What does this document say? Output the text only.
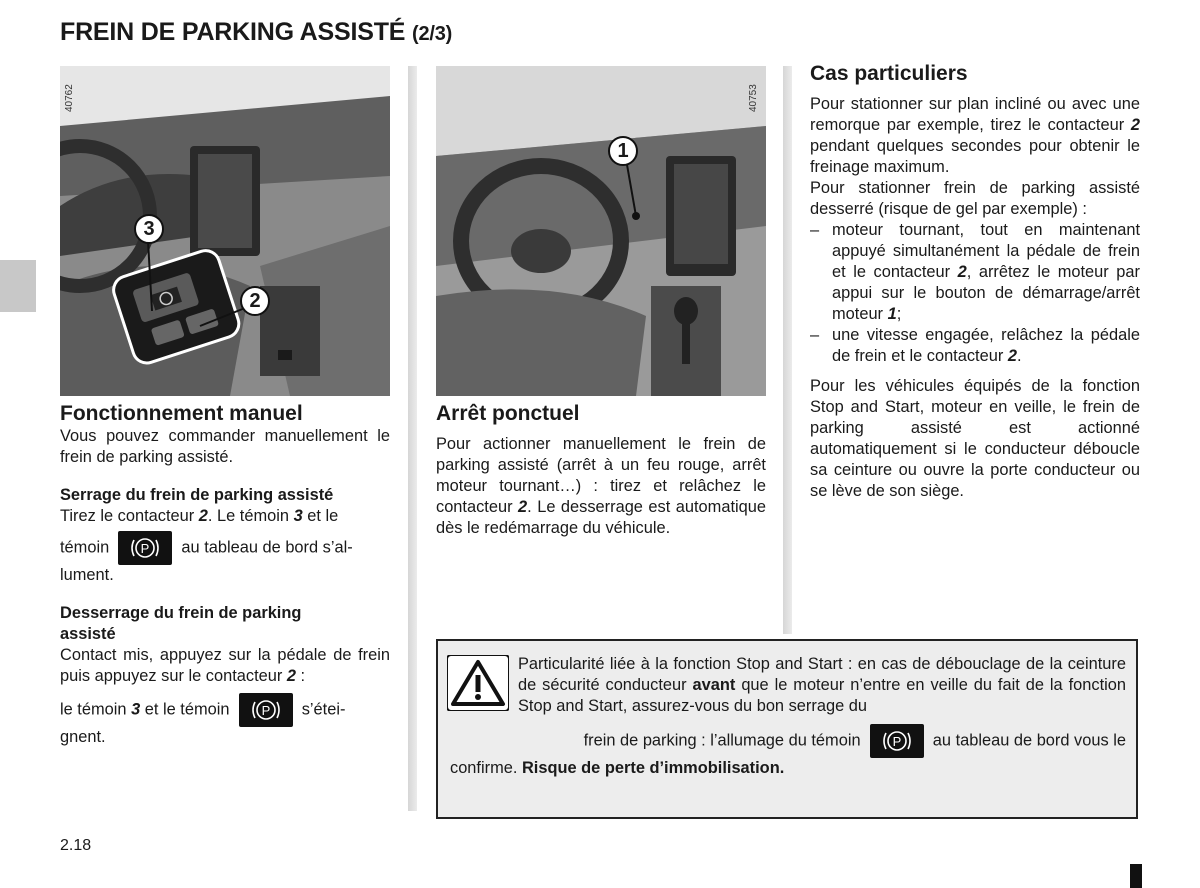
FREIN DE PARKING ASSISTÉ (2/3)
40762
3
2
40753
1
Fonctionnement manuel

Vous pouvez commander manuellement le frein de parking assisté.

Serrage du frein de parking assisté

Tirez le contacteur 2. Le témoin 3 et le

témoin P au tableau de bord s’al-

lument.

Desserrage du frein de parking

assisté

Contact mis, appuyez sur la pédale de frein puis appuyez sur le contacteur 2 :

le témoin 3 et le témoin P s’étei-

gnent.

Arrêt ponctuel

Pour actionner manuellement le frein de parking assisté (arrêt à un feu rouge, arrêt moteur tournant…) : tirez et relâchez le contacteur 2. Le desserrage est automatique dès le redémarrage du véhicule.

Cas particuliers

Pour stationner sur plan incliné ou avec une remorque par exemple, tirez le contacteur 2 pendant quelques secondes pour obtenir le freinage maximum.

Pour stationner frein de parking assisté desserré (risque de gel par exemple) :

– moteur tournant, tout en maintenant appuyé simultanément la pédale de frein et le contacteur 2, arrêtez le moteur par appui sur le bouton de démarrage/arrêt moteur 1;
– une vitesse engagée, relâchez la pédale de frein et le contacteur 2.

Pour les véhicules équipés de la fonction Stop and Start, moteur en veille, le frein de parking assisté est actionné automatiquement si le conducteur déboucle sa ceinture ou ouvre la porte conducteur ou se lève de son siège.

Particularité liée à la fonction Stop and Start : en cas de débouclage de la ceinture de sécurité conducteur avant que le moteur n’entre en veille du fait de la fonction Stop and Start, assurez-vous du bon serrage du

frein de parking : l’allumage du témoin P au tableau de bord vous le

confirme. Risque de perte d’immobilisation.

2.18
